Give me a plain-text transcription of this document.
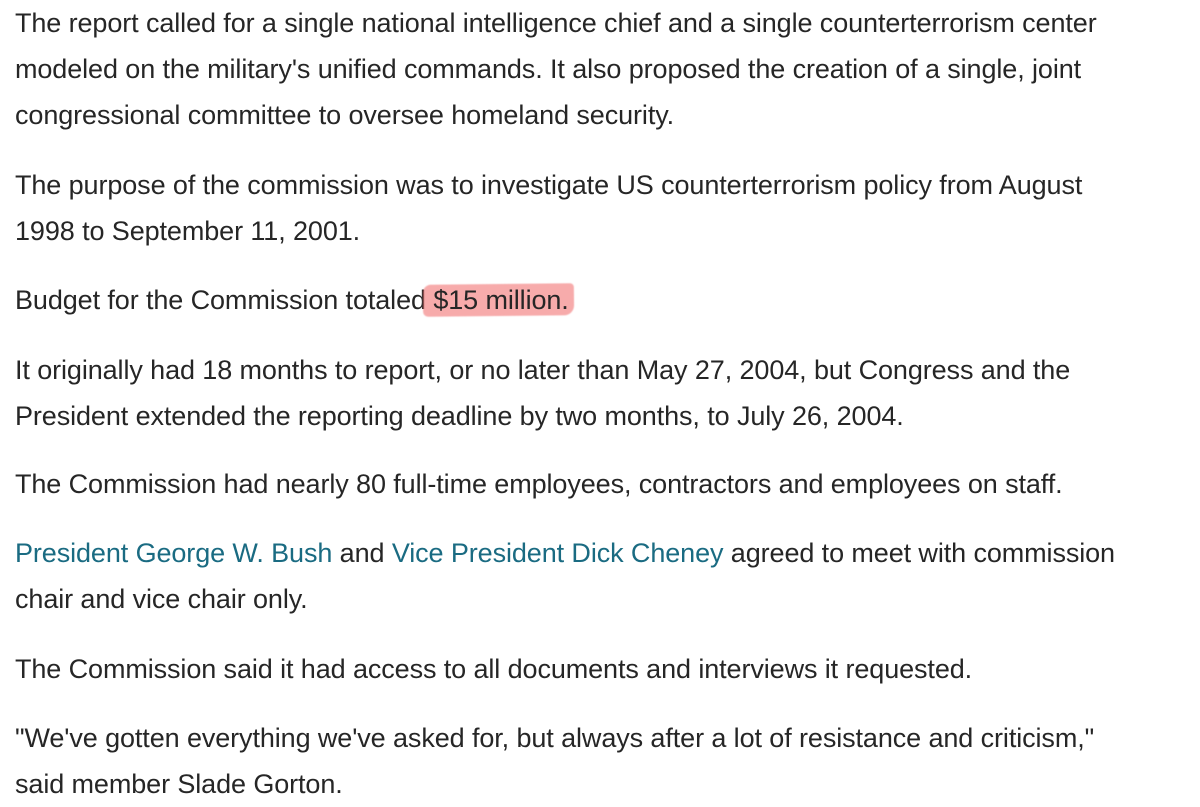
The report called for a single national intelligence chief and a single counterterrorism center
modeled on the military's unified commands. It also proposed the creation of a single, joint
congressional committee to oversee homeland security.

The purpose of the commission was to investigate US counterterrorism policy from August
1998 to September 11, 2001.

Budget for the Commission totaled $15 million.

It originally had 18 months to report, or no later than May 27, 2004, but Congress and the
President extended the reporting deadline by two months, to July 26, 2004.

The Commission had nearly 80 full-time employees, contractors and employees on staff.

President George W. Bush and Vice President Dick Cheney agreed to meet with commission
chair and vice chair only.

The Commission said it had access to all documents and interviews it requested.

"We've gotten everything we've asked for, but always after a lot of resistance and criticism,"
said member Slade Gorton.
